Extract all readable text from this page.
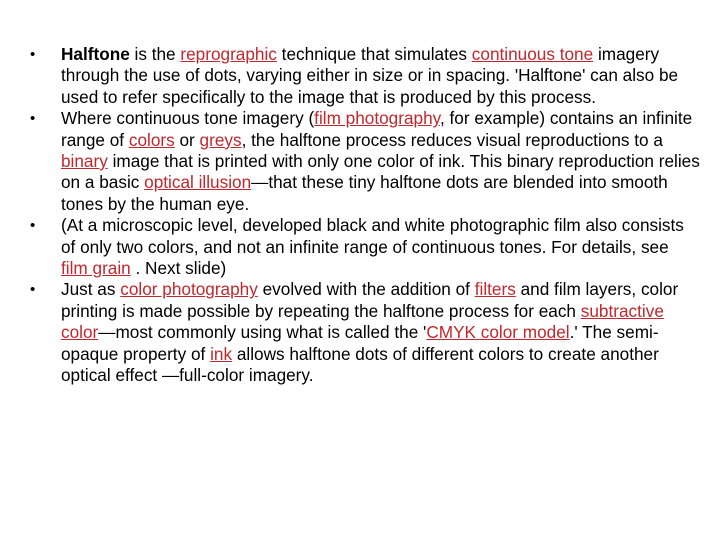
• Halftone is the reprographic technique that simulates continuous tone imagery through the use of dots, varying either in size or in spacing. 'Halftone' can also be used to refer specifically to the image that is produced by this process.
• Where continuous tone imagery (film photography, for example) contains an infinite range of colors or greys, the halftone process reduces visual reproductions to a binary image that is printed with only one color of ink. This binary reproduction relies on a basic optical illusion—that these tiny halftone dots are blended into smooth tones by the human eye.
• (At a microscopic level, developed black and white photographic film also consists of only two colors, and not an infinite range of continuous tones. For details, see film grain . Next slide)
• Just as color photography evolved with the addition of filters and film layers, color printing is made possible by repeating the halftone process for each subtractive color—most commonly using what is called the 'CMYK color model.' The semi-opaque property of ink allows halftone dots of different colors to create another optical effect —full-color imagery.
